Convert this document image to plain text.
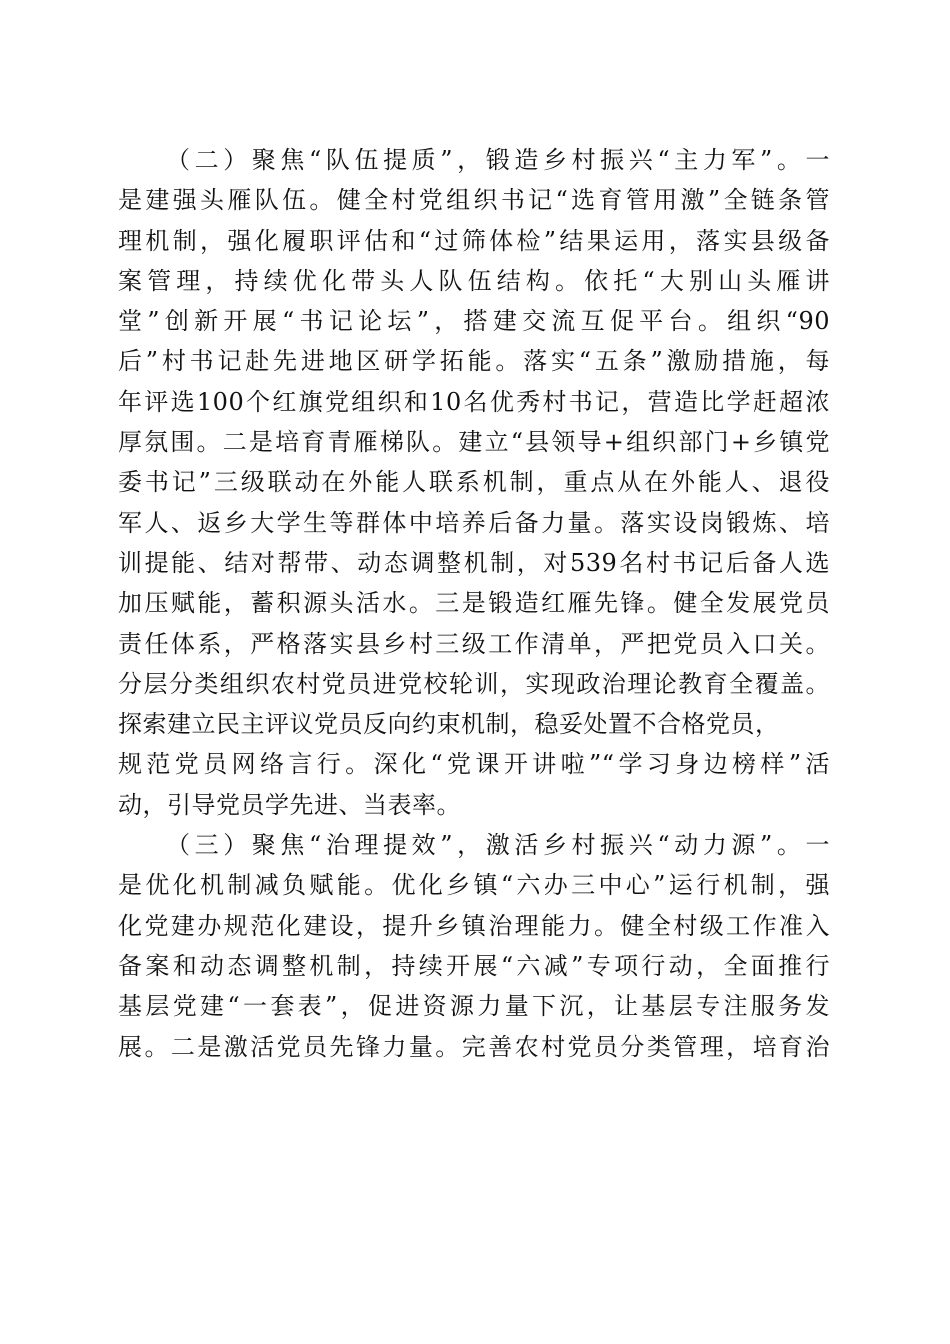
（二）聚焦“队伍提质”，锻造乡村振兴“主力军”。一
是建强头雁队伍。健全村党组织书记“选育管用激”全链条管
理机制，强化履职评估和“过筛体检”结果运用，落实县级备
案管理，持续优化带头人队伍结构。依托“大别山头雁讲
堂”创新开展“书记论坛”，搭建交流互促平台。组织“90
后”村书记赴先进地区研学拓能。落实“五条”激励措施，每
年评选100个红旗党组织和10名优秀村书记，营造比学赶超浓
厚氛围。二是培育青雁梯队。建立“县领导+组织部门+乡镇党
委书记”三级联动在外能人联系机制，重点从在外能人、退役
军人、返乡大学生等群体中培养后备力量。落实设岗锻炼、培
训提能、结对帮带、动态调整机制，对539名村书记后备人选
加压赋能，蓄积源头活水。三是锻造红雁先锋。健全发展党员
责任体系，严格落实县乡村三级工作清单，严把党员入口关。
分层分类组织农村党员进党校轮训，实现政治理论教育全覆盖。
探索建立民主评议党员反向约束机制，稳妥处置不合格党员，
规范党员网络言行。深化“党课开讲啦”“学习身边榜样”活
动，引导党员学先进、当表率。
（三）聚焦“治理提效”，激活乡村振兴“动力源”。一
是优化机制减负赋能。优化乡镇“六办三中心”运行机制，强
化党建办规范化建设，提升乡镇治理能力。健全村级工作准入
备案和动态调整机制，持续开展“六减”专项行动，全面推行
基层党建“一套表”，促进资源力量下沉，让基层专注服务发
展。二是激活党员先锋力量。完善农村党员分类管理，培育治
